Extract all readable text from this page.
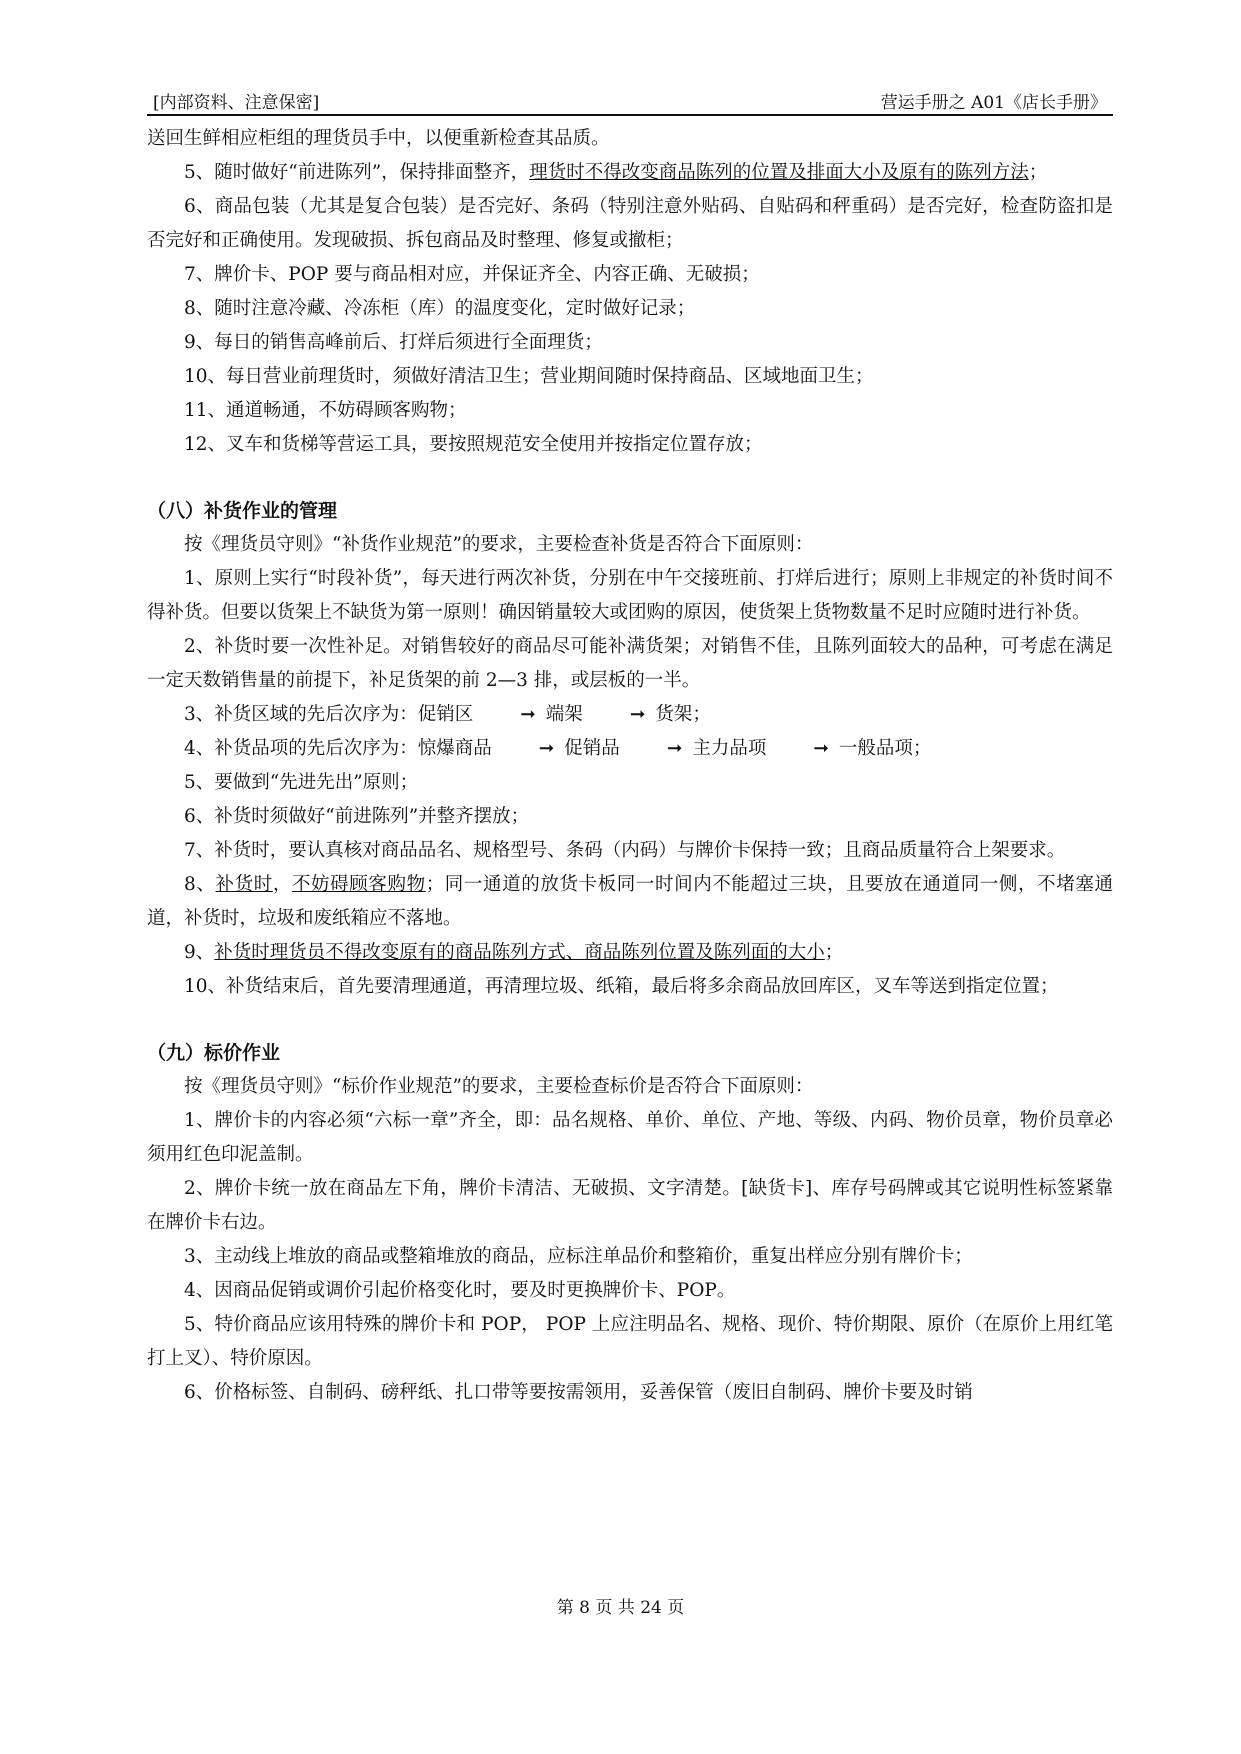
[内部资料、注意保密]	营运手册之 A01《店长手册》

送回生鲜相应柜组的理货员手中，以便重新检查其品质。

5、随时做好“前进陈列”，保持排面整齐，理货时不得改变商品陈列的位置及排面大小及原有的陈列方法；

6、商品包装（尤其是复合包装）是否完好、条码（特别注意外贴码、自贴码和秤重码）是否完好，检查防盗扣是否完好和正确使用。发现破损、拆包商品及时整理、修复或撤柜；

7、牌价卡、POP 要与商品相对应，并保证齐全、内容正确、无破损；

8、随时注意冷藏、冷冻柜（库）的温度变化，定时做好记录；

9、每日的销售高峰前后、打烊后须进行全面理货；

10、每日营业前理货时，须做好清洁卫生；营业期间随时保持商品、区域地面卫生；

11、通道畅通，不妨碍顾客购物；

12、叉车和货梯等营运工具，要按照规范安全使用并按指定位置存放；

（八）补货作业的管理

按《理货员守则》“补货作业规范”的要求，主要检查补货是否符合下面原则：

1、原则上实行“时段补货”，每天进行两次补货，分别在中午交接班前、打烊后进行；原则上非规定的补货时间不得补货。但要以货架上不缺货为第一原则！确因销量较大或团购的原因，使货架上货物数量不足时应随时进行补货。

2、补货时要一次性补足。对销售较好的商品尽可能补满货架；对销售不佳，且陈列面较大的品种，可考虑在满足一定天数销售量的前提下，补足货架的前 2—3 排，或层板的一半。

3、补货区域的先后次序为：促销区	➞ 端架	➞ 货架；

4、补货品项的先后次序为：惊爆商品	➞ 促销品	➞ 主力品项	➞ 一般品项；

5、要做到“先进先出”原则；

6、补货时须做好“前进陈列”并整齐摆放；

7、补货时，要认真核对商品品名、规格型号、条码（内码）与牌价卡保持一致；且商品质量符合上架要求。

8、补货时，不妨碍顾客购物；同一通道的放货卡板同一时间内不能超过三块，且要放在通道同一侧，不堵塞通道，补货时，垃圾和废纸箱应不落地。

9、补货时理货员不得改变原有的商品陈列方式、商品陈列位置及陈列面的大小；

10、补货结束后，首先要清理通道，再清理垃圾、纸箱，最后将多余商品放回库区，叉车等送到指定位置；

（九）标价作业

按《理货员守则》“标价作业规范”的要求，主要检查标价是否符合下面原则：

1、牌价卡的内容必须“六标一章”齐全，即：品名规格、单价、单位、产地、等级、内码、物价员章，物价员章必须用红色印泥盖制。

2、牌价卡统一放在商品左下角，牌价卡清洁、无破损、文字清楚。[缺货卡]、库存号码牌或其它说明性标签紧靠在牌价卡右边。

3、主动线上堆放的商品或整箱堆放的商品，应标注单品价和整箱价，重复出样应分别有牌价卡；

4、因商品促销或调价引起价格变化时，要及时更换牌价卡、POP。

5、特价商品应该用特殊的牌价卡和 POP， POP 上应注明品名、规格、现价、特价期限、原价（在原价上用红笔打上叉）、特价原因。

6、价格标签、自制码、磅秤纸、扎口带等要按需领用，妥善保管（废旧自制码、牌价卡要及时销

第 8 页 共 24 页
